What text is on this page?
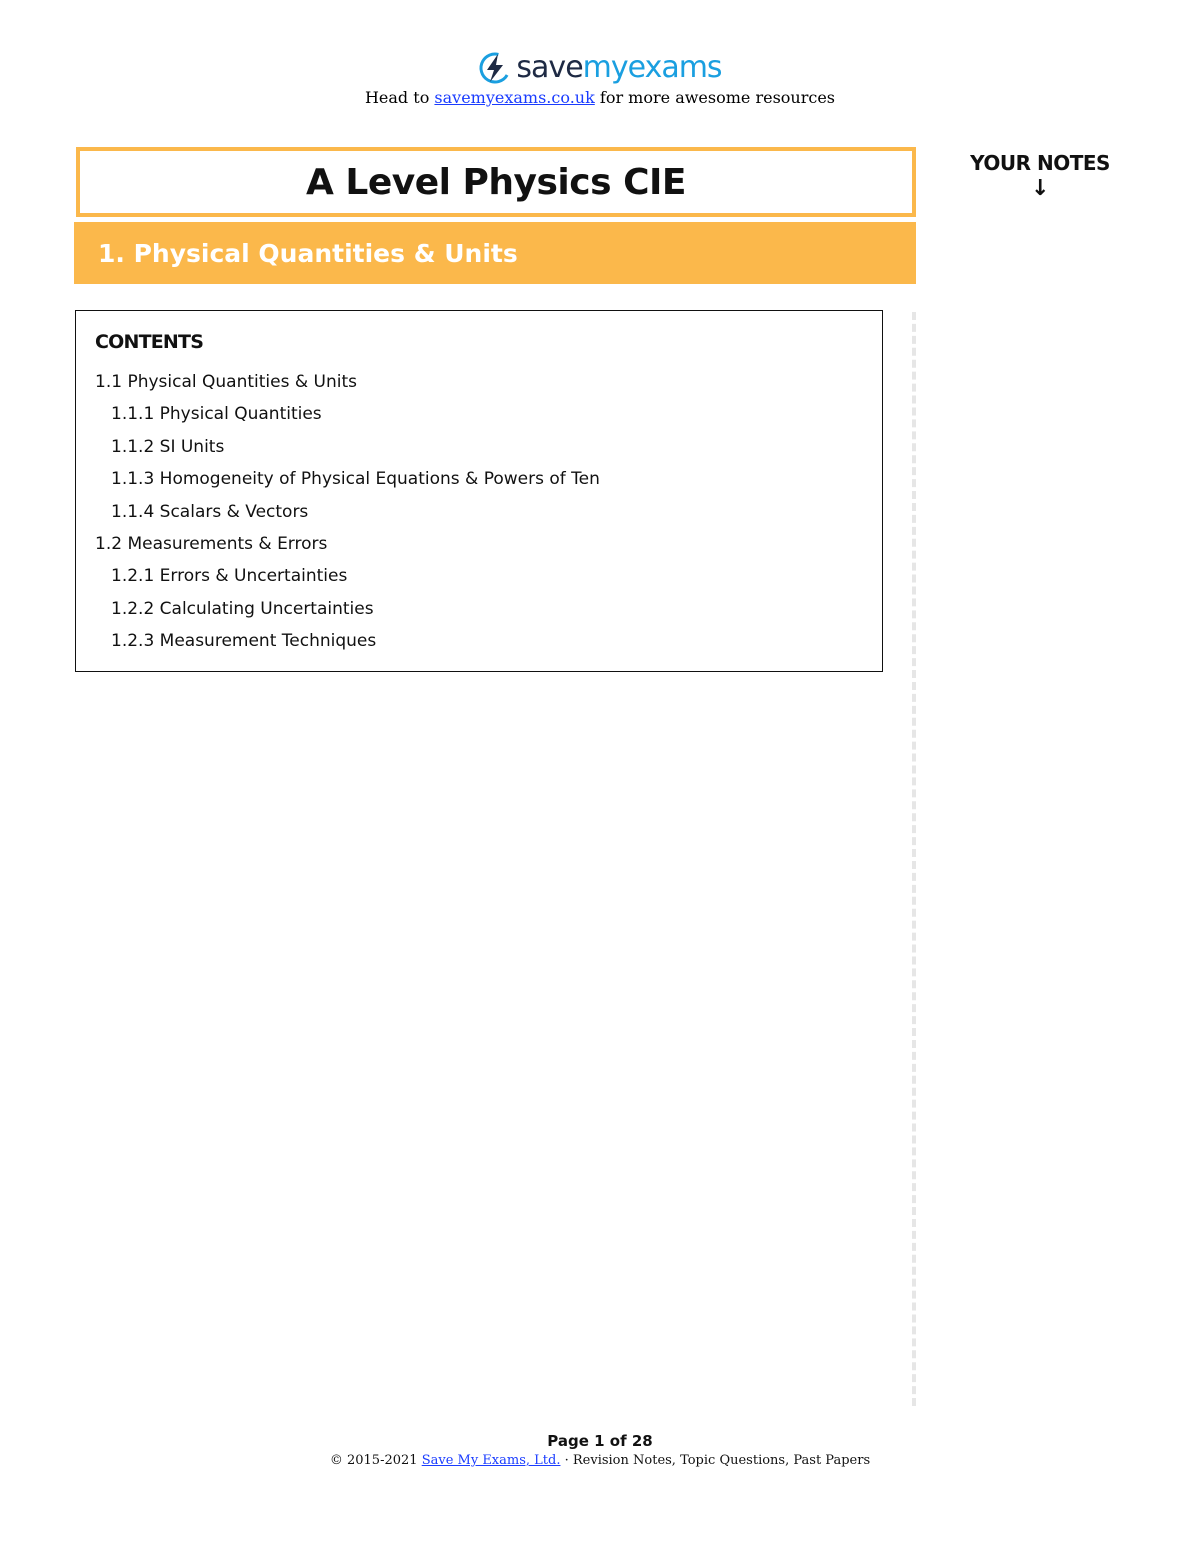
savemyexams
Head to savemyexams.co.uk for more awesome resources
A Level Physics CIE
1. Physical Quantities & Units
YOUR NOTES
↓
CONTENTS
1.1 Physical Quantities & Units
1.1.1 Physical Quantities
1.1.2 SI Units
1.1.3 Homogeneity of Physical Equations & Powers of Ten
1.1.4 Scalars & Vectors
1.2 Measurements & Errors
1.2.1 Errors & Uncertainties
1.2.2 Calculating Uncertainties
1.2.3 Measurement Techniques
Page 1 of 28
© 2015-2021 Save My Exams, Ltd. · Revision Notes, Topic Questions, Past Papers
